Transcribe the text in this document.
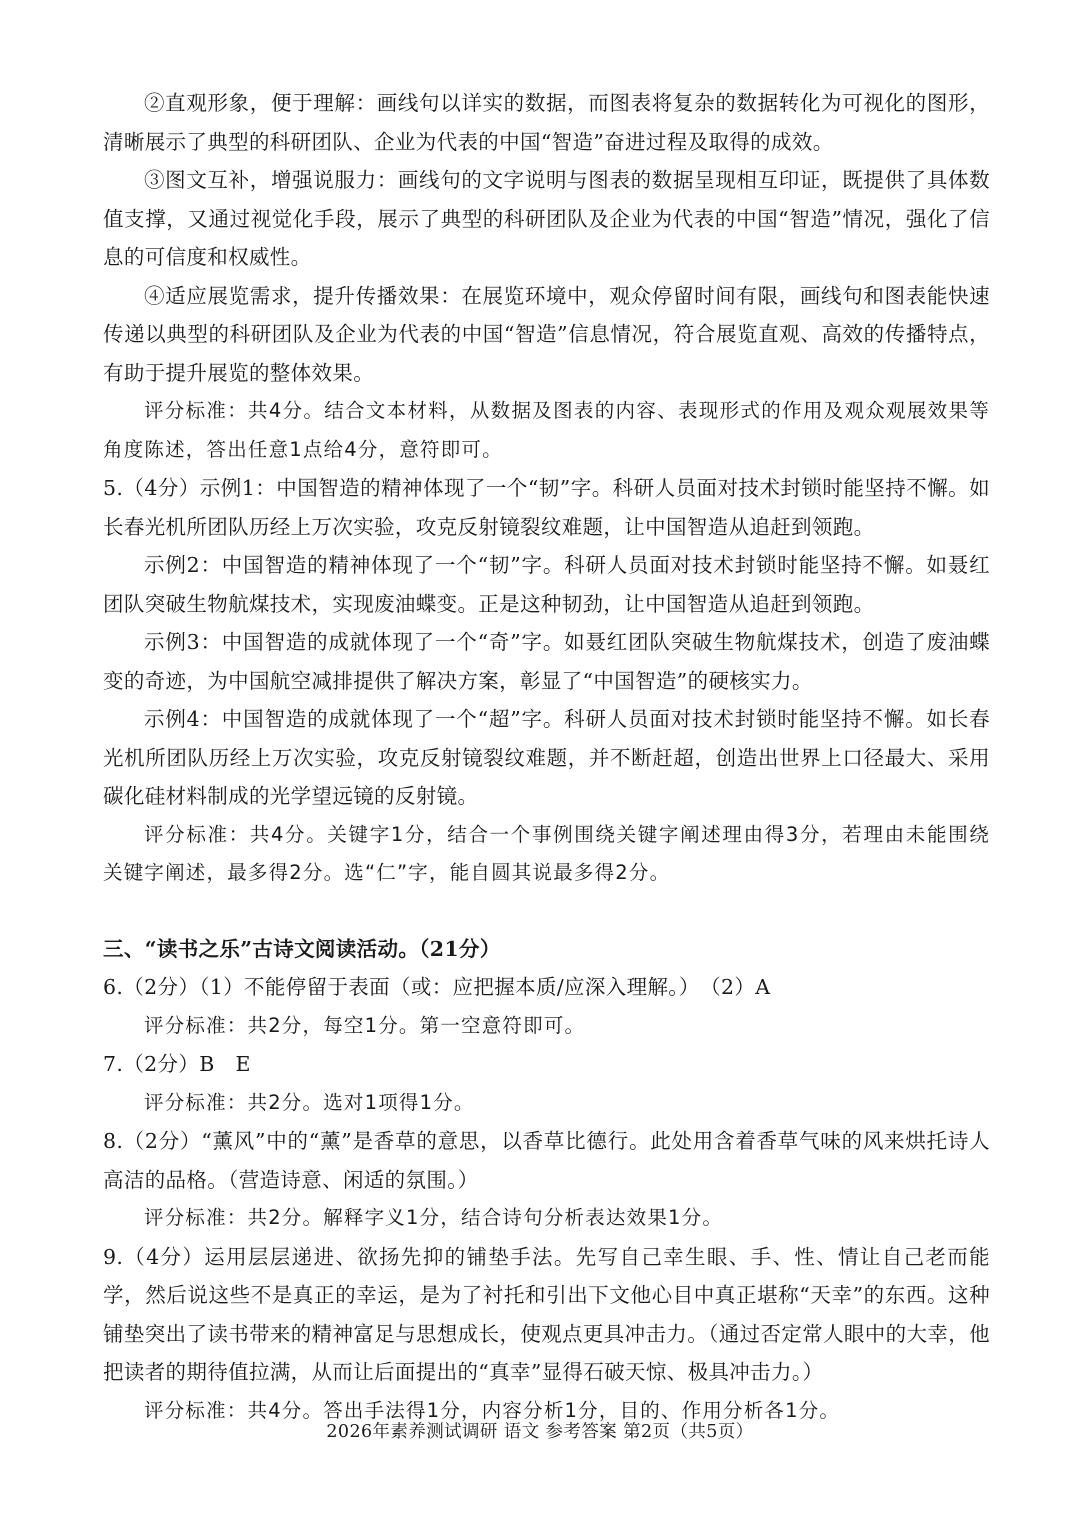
②直观形象，便于理解：画线句以详实的数据，而图表将复杂的数据转化为可视化的图形，清晰展示了典型的科研团队、企业为代表的中国“智造”奋进过程及取得的成效。

③图文互补，增强说服力：画线句的文字说明与图表的数据呈现相互印证，既提供了具体数值支撑，又通过视觉化手段，展示了典型的科研团队及企业为代表的中国“智造”情况，强化了信息的可信度和权威性。

④适应展览需求，提升传播效果：在展览环境中，观众停留时间有限，画线句和图表能快速传递以典型的科研团队及企业为代表的中国“智造”信息情况，符合展览直观、高效的传播特点，有助于提升展览的整体效果。

评分标准：共4分。结合文本材料，从数据及图表的内容、表现形式的作用及观众观展效果等角度陈述，答出任意1点给4分，意符即可。

5.（4分）示例1：中国智造的精神体现了一个“韧”字。科研人员面对技术封锁时能坚持不懈。如长春光机所团队历经上万次实验，攻克反射镜裂纹难题，让中国智造从追赶到领跑。

示例2：中国智造的精神体现了一个“韧”字。科研人员面对技术封锁时能坚持不懈。如聂红团队突破生物航煤技术，实现废油蝶变。正是这种韧劲，让中国智造从追赶到领跑。

示例3：中国智造的成就体现了一个“奇”字。如聂红团队突破生物航煤技术，创造了废油蝶变的奇迹，为中国航空减排提供了解决方案，彰显了“中国智造”的硬核实力。

示例4：中国智造的成就体现了一个“超”字。科研人员面对技术封锁时能坚持不懈。如长春光机所团队历经上万次实验，攻克反射镜裂纹难题，并不断赶超，创造出世界上口径最大、采用碳化硅材料制成的光学望远镜的反射镜。

评分标准：共4分。关键字1分，结合一个事例围绕关键字阐述理由得3分，若理由未能围绕关键字阐述，最多得2分。选“仁”字，能自圆其说最多得2分。

三、“读书之乐”古诗文阅读活动。（21分）

6.（2分）（1）不能停留于表面（或：应把握本质/应深入理解。）　（2）A

评分标准：共2分，每空1分。第一空意符即可。

7.（2分）B　E

评分标准：共2分。选对1项得1分。

8.（2分）“薰风”中的“薰”是香草的意思，以香草比德行。此处用含着香草气味的风来烘托诗人高洁的品格。（营造诗意、闲适的氛围。）

评分标准：共2分。解释字义1分，结合诗句分析表达效果1分。

9.（4分）运用层层递进、欲扬先抑的铺垫手法。先写自己幸生眼、手、性、情让自己老而能学，然后说这些不是真正的幸运，是为了衬托和引出下文他心目中真正堪称“天幸”的东西。这种铺垫突出了读书带来的精神富足与思想成长，使观点更具冲击力。（通过否定常人眼中的大幸，他把读者的期待值拉满，从而让后面提出的“真幸”显得石破天惊、极具冲击力。）

评分标准：共4分。答出手法得1分，内容分析1分，目的、作用分析各1分。

2026年素养测试调研 语文 参考答案 第2页（共5页）
